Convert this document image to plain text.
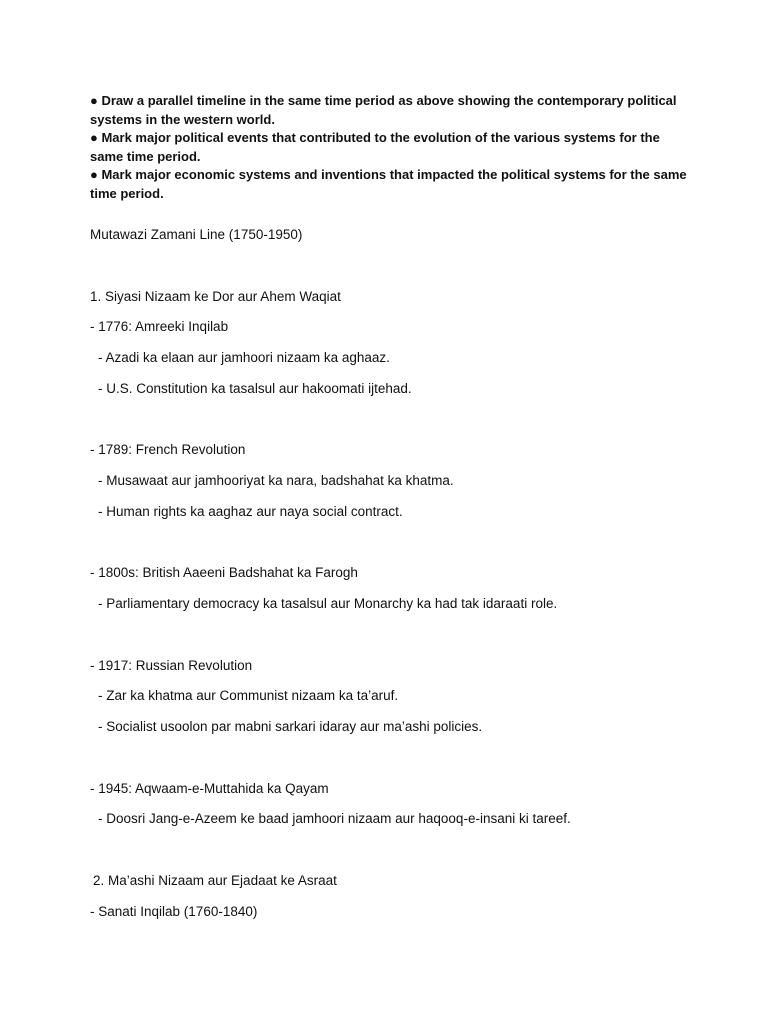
● Draw a parallel timeline in the same time period as above showing the contemporary political systems in the western world.

● Mark major political events that contributed to the evolution of the various systems for the same time period.

● Mark major economic systems and inventions that impacted the political systems for the same time period.

Mutawazi Zamani Line (1750-1950)
1. Siyasi Nizaam ke Dor aur Ahem Waqiat
- 1776: Amreeki Inqilab
- Azadi ka elaan aur jamhoori nizaam ka aghaaz.
- U.S. Constitution ka tasalsul aur hakoomati ijtehad.
- 1789: French Revolution
- Musawaat aur jamhooriyat ka nara, badshahat ka khatma.
- Human rights ka aaghaz aur naya social contract.
- 1800s: British Aaeeni Badshahat ka Farogh
- Parliamentary democracy ka tasalsul aur Monarchy ka had tak idaraati role.
- 1917: Russian Revolution
- Zar ka khatma aur Communist nizaam ka ta’aruf.
- Socialist usoolon par mabni sarkari idaray aur ma’ashi policies.
- 1945: Aqwaam-e-Muttahida ka Qayam
- Doosri Jang-e-Azeem ke baad jamhoori nizaam aur haqooq-e-insani ki tareef.
2. Ma’ashi Nizaam aur Ejadaat ke Asraat
- Sanati Inqilab (1760-1840)
